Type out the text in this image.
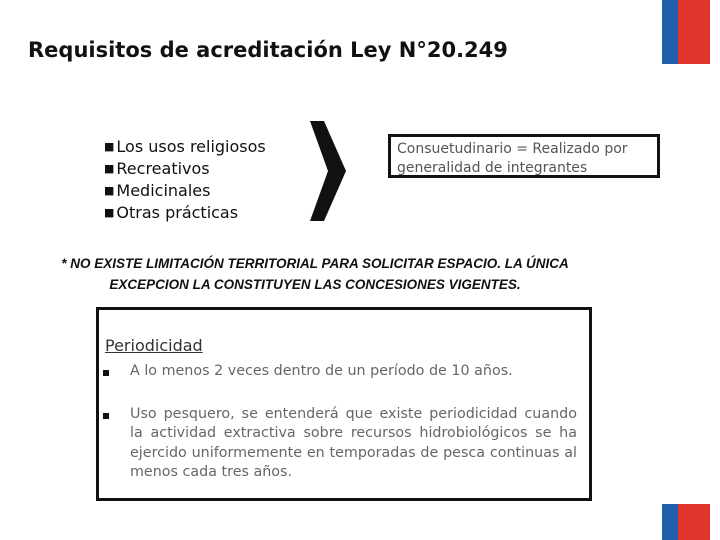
Requisitos de acreditación Ley N°20.249
■ Los usos religiosos
■ Recreativos
■ Medicinales
■ Otras prácticas
Consuetudinario = Realizado por generalidad de integrantes
* NO EXISTE LIMITACIÓN TERRITORIAL PARA SOLICITAR ESPACIO. LA ÚNICA EXCEPCION LA CONSTITUYEN LAS CONCESIONES VIGENTES.
Periodicidad
A lo menos 2 veces dentro de un período de 10 años.
Uso pesquero, se entenderá que existe periodicidad cuando la actividad extractiva sobre recursos hidrobiológicos se ha ejercido uniformemente en temporadas de pesca continuas al menos cada tres años.
